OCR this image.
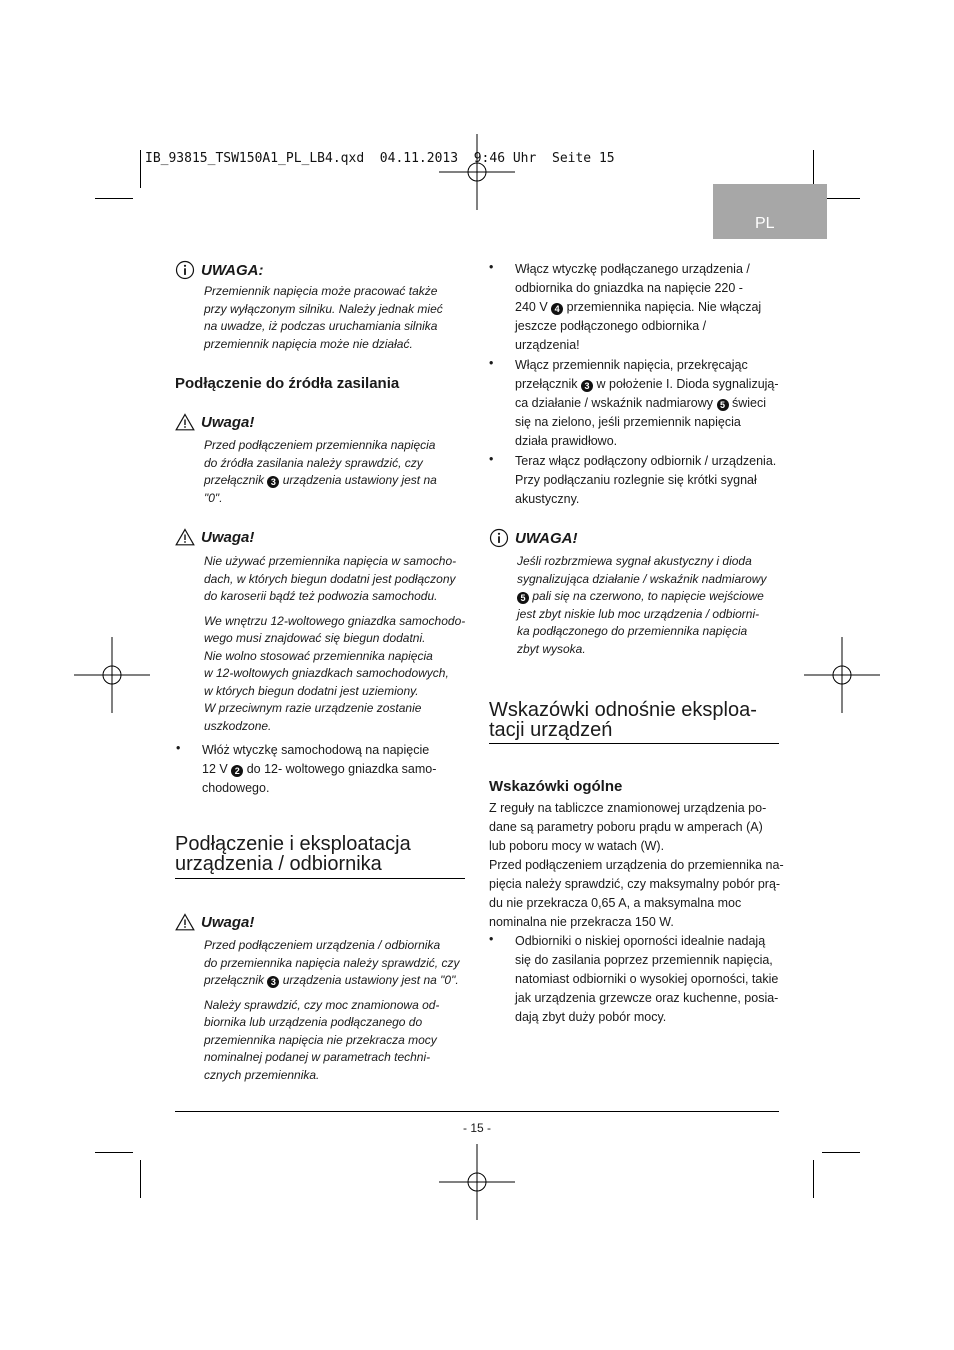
IB_93815_TSW150A1_PL_LB4.qxd  04.11.2013  9:46 Uhr  Seite 15
PL
UWAGA:

Przemiennik napięcia może pracować także

przy wyłączonym silniku. Należy jednak mieć

na uwadze, iż podczas uruchamiania silnika

przemiennik napięcia może nie działać.

Podłączenie do źródła zasilania
Uwaga!

Przed podłączeniem przemiennika napięcia

do źródła zasilania należy sprawdzić, czy

przełącznik 3 urządzenia ustawiony jest na

"0".

Uwaga!

Nie używać przemiennika napięcia w samocho-

dach, w których biegun dodatni jest podłączony

do karoserii bądź też podwozia samochodu.

We wnętrzu 12-woltowego gniazdka samochodo-

wego musi znajdować się biegun dodatni.

Nie wolno stosować przemiennika napięcia

w 12-woltowych gniazdkach samochodowych,

w których biegun dodatni jest uziemiony.

W przeciwnym razie urządzenie zostanie

uszkodzone.

• Włóż wtyczkę samochodową na napięcie

12 V 2 do 12- woltowego gniazdka samo-

chodowego.

Podłączenie i eksploatacja
urządzenia / odbiornika
Uwaga!

Przed podłączeniem urządzenia / odbiornika

do przemiennika napięcia należy sprawdzić, czy

przełącznik 3 urządzenia ustawiony jest na "0".

Należy sprawdzić, czy moc znamionowa od-

biornika lub urządzenia podłączanego do

przemiennika napięcia nie przekracza mocy

nominalnej podanej w parametrach techni-

cznych przemiennika.

• Włącz wtyczkę podłączanego urządzenia /

odbiornika do gniazdka na napięcie 220 -

240 V 4 przemiennika napięcia. Nie włączaj

jeszcze podłączonego odbiornika /

urządzenia!

• Włącz przemiennik napięcia, przekręcając

przełącznik 3 w położenie I. Dioda sygnalizują-

ca działanie / wskaźnik nadmiarowy 5 świeci

się na zielono, jeśli przemiennik napięcia

działa prawidłowo.

• Teraz włącz podłączony odbiornik / urządzenia.

Przy podłączaniu rozlegnie się krótki sygnał

akustyczny.

UWAGA!

Jeśli rozbrzmiewa sygnał akustyczny i dioda

sygnalizująca działanie / wskaźnik nadmiarowy

5 pali się na czerwono, to napięcie wejściowe

jest zbyt niskie lub moc urządzenia / odbiorni-

ka podłączonego do przemiennika napięcia

zbyt wysoka.

Wskazówki odnośnie eksploa-
tacji urządzeń
Wskazówki ogólne

Z reguły na tabliczce znamionowej urządzenia po-

dane są parametry poboru prądu w amperach (A)

lub poboru mocy w watach (W).

Przed podłączeniem urządzenia do przemiennika na-

pięcia należy sprawdzić, czy maksymalny pobór prą-

du nie przekracza 0,65 A, a maksymalna moc

nominalna nie przekracza 150 W.

• Odbiorniki o niskiej oporności idealnie nadają

się do zasilania poprzez przemiennik napięcia,

natomiast odbiorniki o wysokiej oporności, takie

jak urządzenia grzewcze oraz kuchenne, posia-

dają zbyt duży pobór mocy.

- 15 -
